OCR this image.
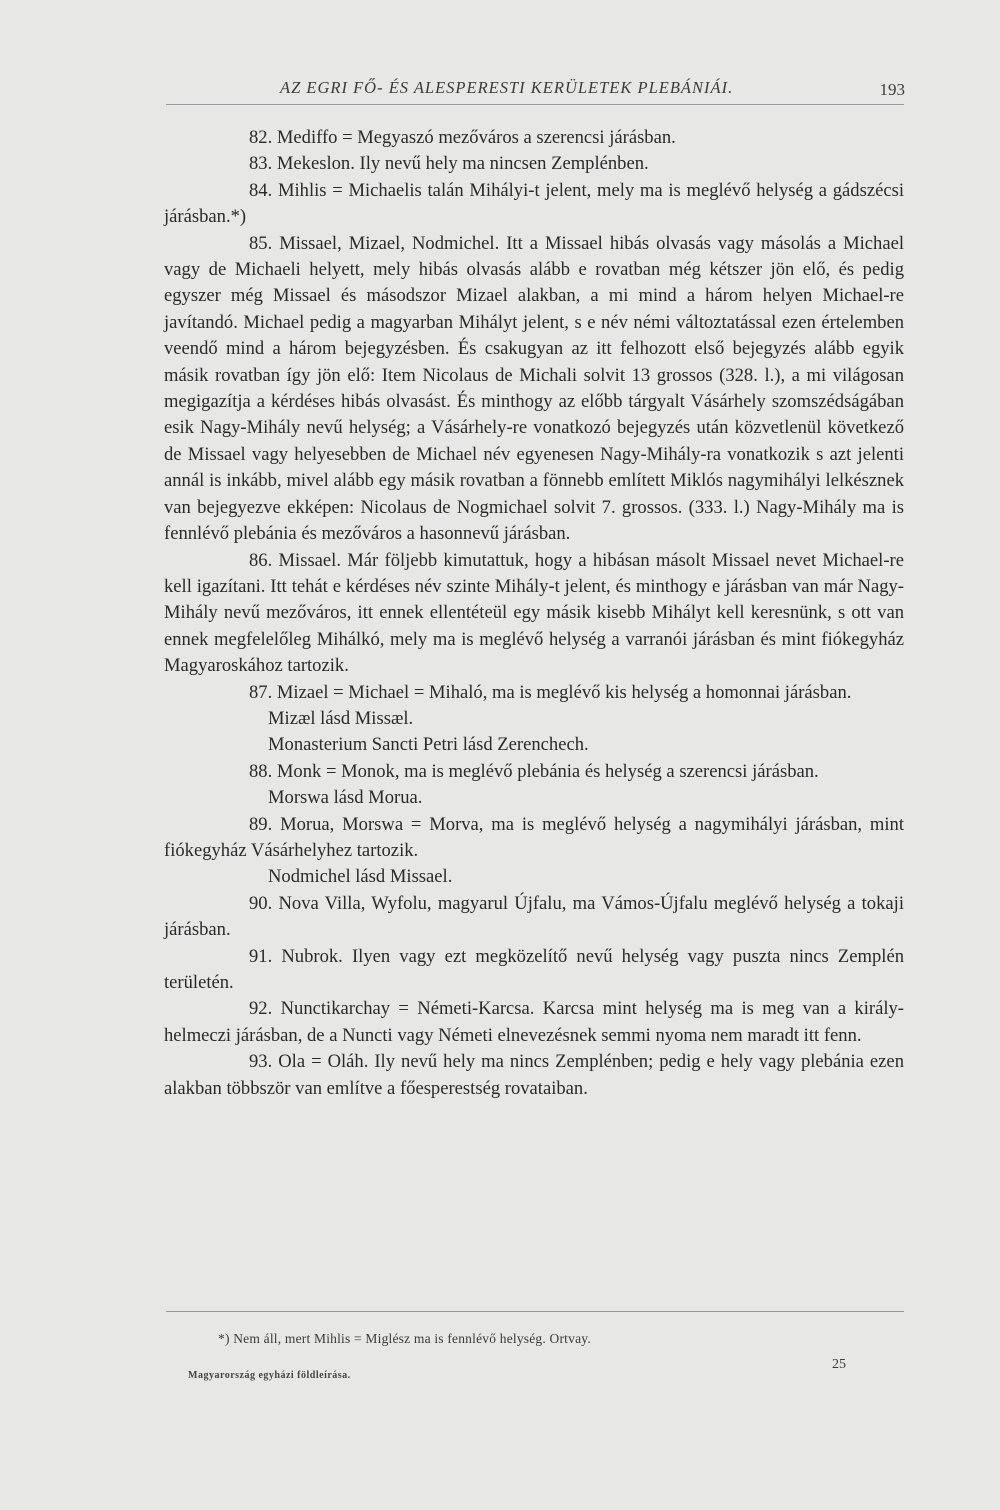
AZ EGRI FŐ- ÉS ALESPERESTI KERÜLETEK PLEBÁNIÁI.	193

82. Mediffo = Megyaszó mezőváros a szerencsi járásban.

83. Mekeslon. Ily nevű hely ma nincsen Zemplénben.

84. Mihlis = Michaelis talán Mihályi-t jelent, mely ma is meglévő helység a gádszécsi járásban.*)

85. Missael, Mizael, Nodmichel. Itt a Missael hibás olvasás vagy másolás a Michael vagy de Michaeli helyett, mely hibás olvasás alább e rovatban még kétszer jön elő, és pedig egyszer még Missael és másodszor Mizael alakban, a mi mind a három helyen Michael-re javítandó. Michael pedig a magyarban Mihályt jelent, s e név némi változtatással ezen értelemben veendő mind a három bejegyzésben. És csakugyan az itt felhozott első bejegyzés alább egyik másik rovatban így jön elő: Item Nicolaus de Michali solvit 13 grossos (328. l.), a mi világosan megigazítja a kérdéses hibás olvasást. És minthogy az előbb tárgyalt Vásárhely szomszédságában esik Nagy-Mihály nevű helység; a Vásárhely-re vonatkozó bejegyzés után közvetlenül következő de Missael vagy helyesebben de Michael név egyenesen Nagy-Mihály-ra vonatkozik s azt jelenti annál is inkább, mivel alább egy másik rovatban a fönnebb említett Miklós nagymihályi lelkésznek van bejegyezve ekképen: Nicolaus de Nogmichael solvit 7. grossos. (333. l.) Nagy-Mihály ma is fennlévő plebánia és mezőváros a hasonnevű járásban.

86. Missael. Már följebb kimutattuk, hogy a hibásan másolt Missael nevet Michael-re kell igazítani. Itt tehát e kérdéses név szinte Mihály-t jelent, és minthogy e járásban van már Nagy-Mihály nevű mezőváros, itt ennek ellentéteül egy másik kisebb Mihályt kell keresnünk, s ott van ennek megfelelőleg Mihálkó, mely ma is meglévő helység a varranói járásban és mint fiókegyház Magyaroskához tartozik.

87. Mizael = Michael = Mihaló, ma is meglévő kis helység a homonnai járásban.

Mizæl lásd Missæl.

Monasterium Sancti Petri lásd Zerenchech.

88. Monk = Monok, ma is meglévő plebánia és helység a szerencsi járásban.

Morswa lásd Morua.

89. Morua, Morswa = Morva, ma is meglévő helység a nagymihályi járásban, mint fiókegyház Vásárhelyhez tartozik.

Nodmichel lásd Missael.

90. Nova Villa, Wyfolu, magyarul Újfalu, ma Vámos-Újfalu meglévő helység a tokaji járásban.

91. Nubrok. Ilyen vagy ezt megközelítő nevű helység vagy puszta nincs Zemplén területén.

92. Nunctikarchay = Németi-Karcsa. Karcsa mint helység ma is meg van a király-helmeczi járásban, de a Nuncti vagy Németi elnevezésnek semmi nyoma nem maradt itt fenn.

93. Ola = Oláh. Ily nevű hely ma nincs Zemplénben; pedig e hely vagy plebánia ezen alakban többször van említve a főesperestség rovataiban.

*) Nem áll, mert Mihlis = Miglész ma is fennlévő helység. Ortvay.
Magyarország egyházi földleírása.
25
